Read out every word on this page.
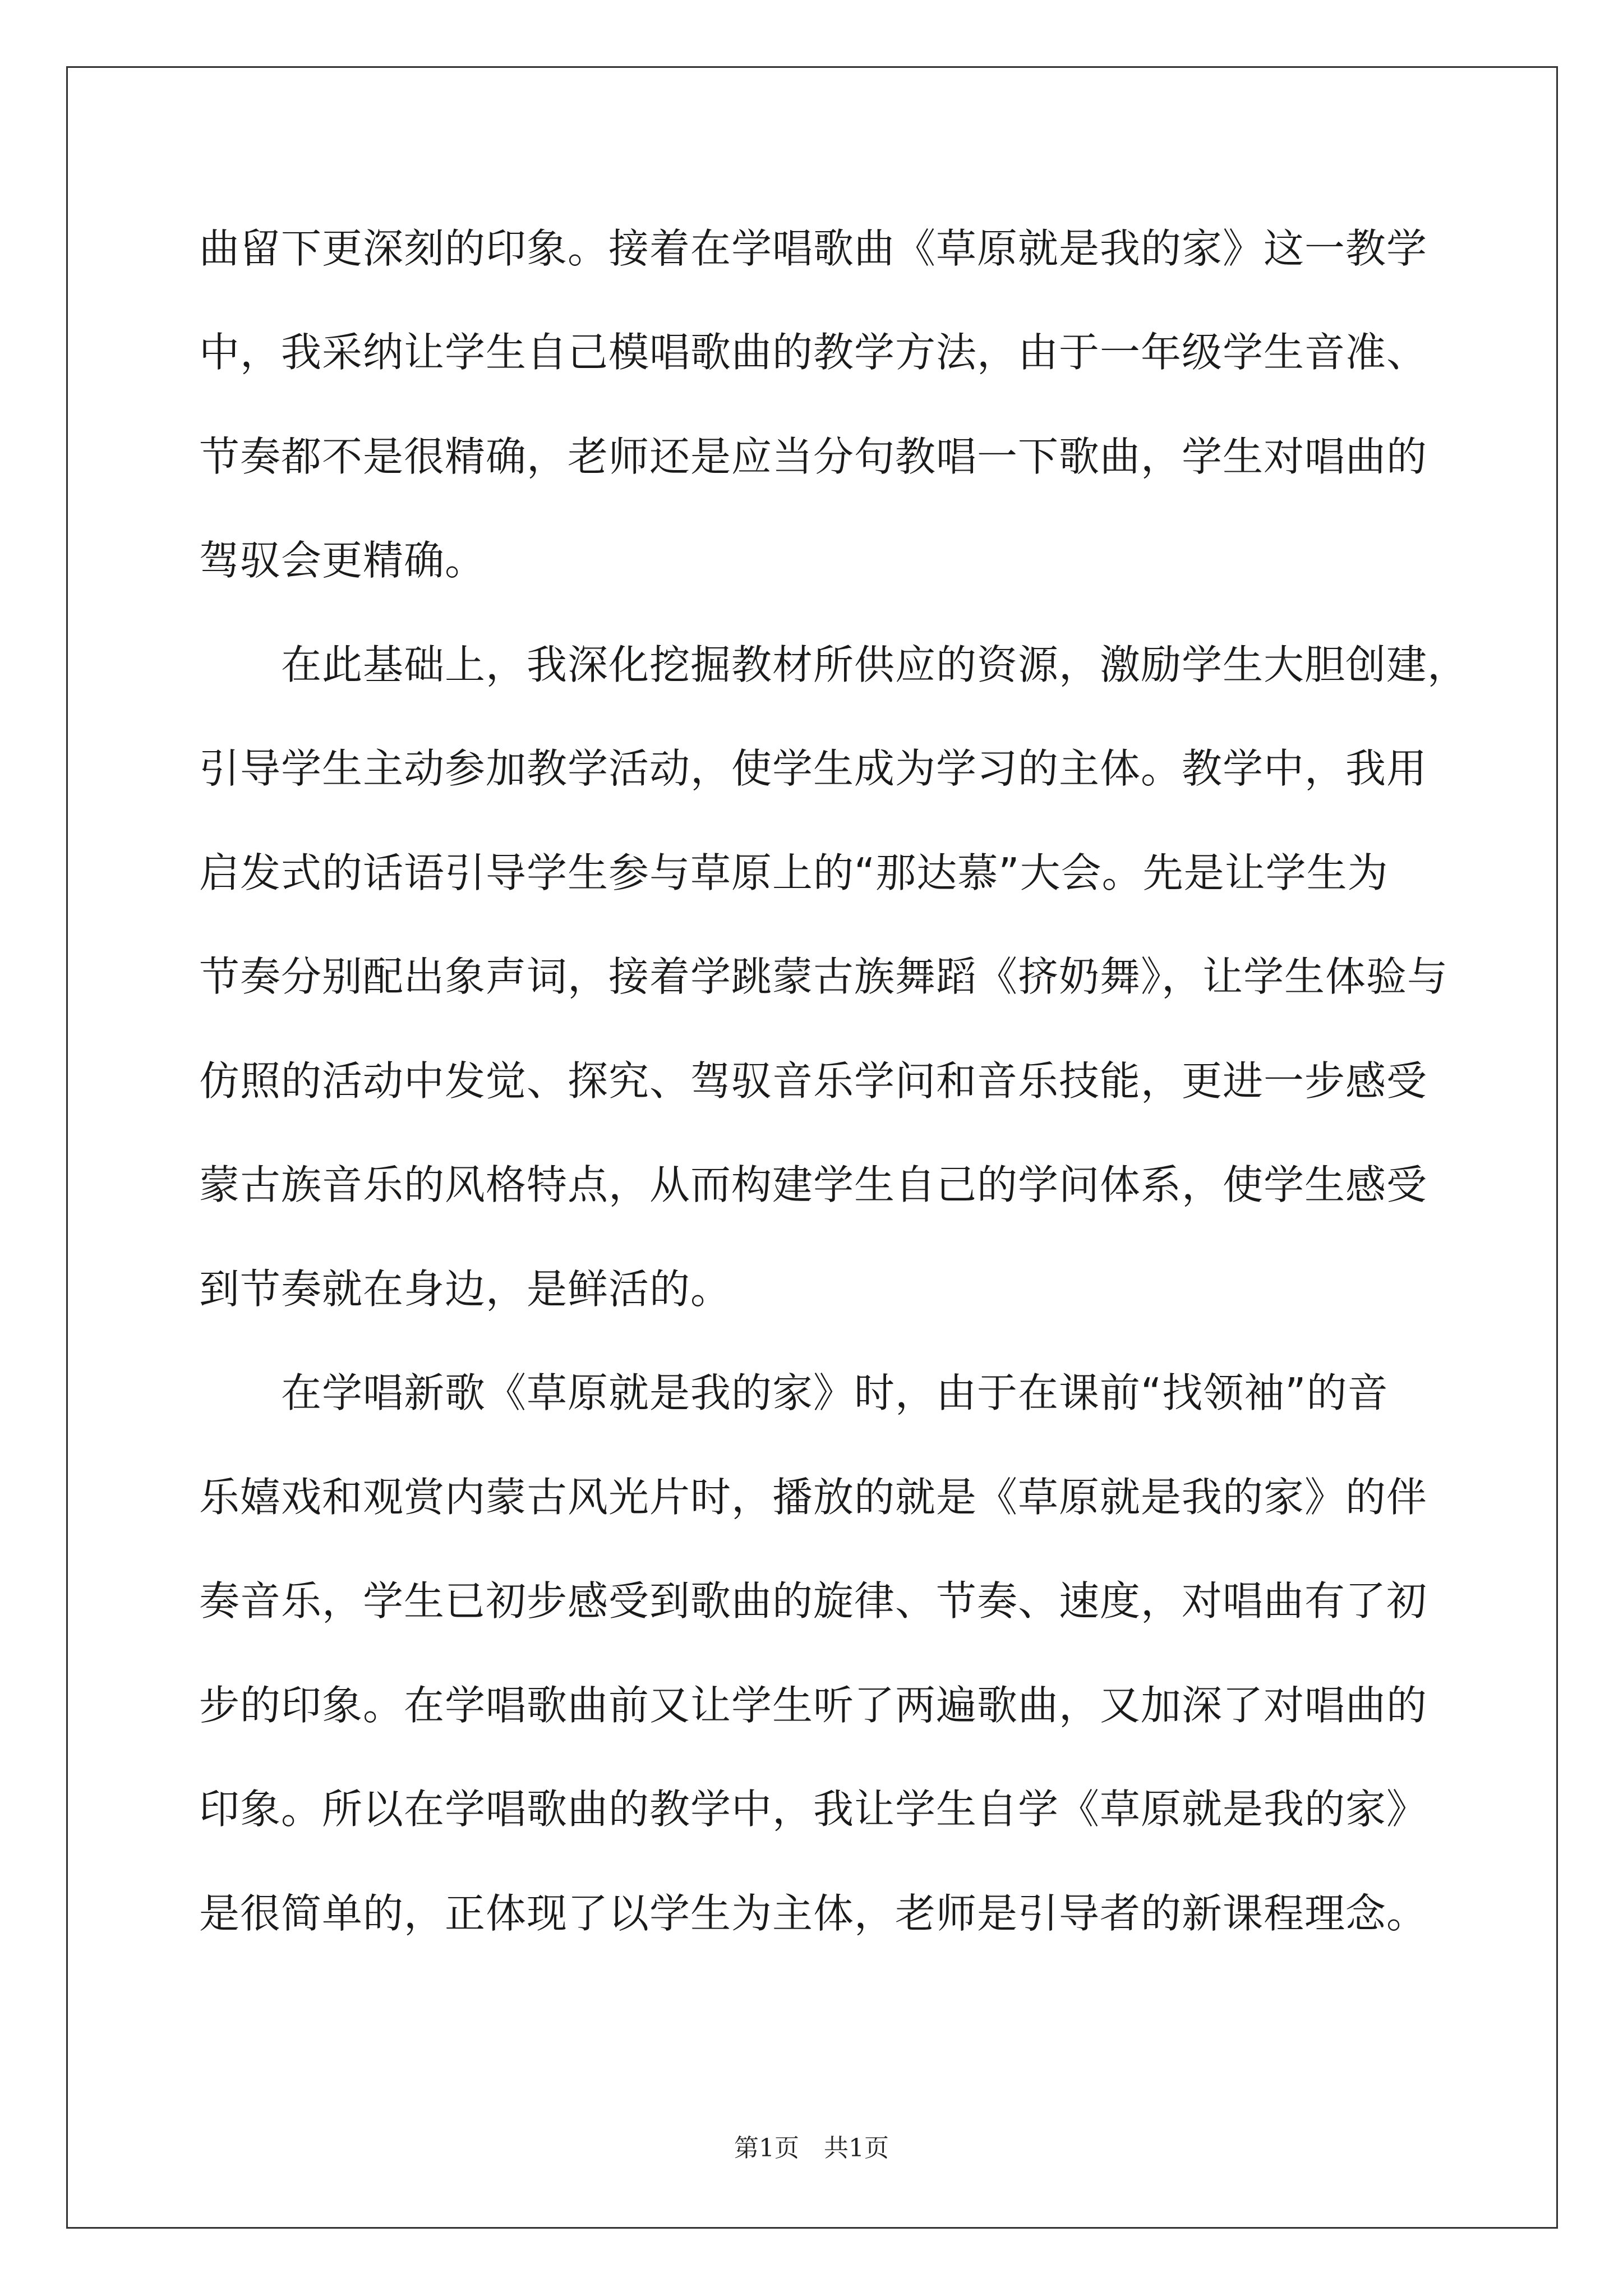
曲留下更深刻的印象。接着在学唱歌曲《草原就是我的家》这一教学
中，我采纳让学生自己模唱歌曲的教学方法，由于一年级学生音准、
节奏都不是很精确，老师还是应当分句教唱一下歌曲，学生对唱曲的
驾驭会更精确。
　　在此基础上，我深化挖掘教材所供应的资源，激励学生大胆创建，
引导学生主动参加教学活动，使学生成为学习的主体。教学中，我用
启发式的话语引导学生参与草原上的“那达慕”大会。先是让学生为
节奏分别配出象声词，接着学跳蒙古族舞蹈《挤奶舞》，让学生体验与
仿照的活动中发觉、探究、驾驭音乐学问和音乐技能，更进一步感受
蒙古族音乐的风格特点，从而构建学生自己的学问体系，使学生感受
到节奏就在身边，是鲜活的。
　　在学唱新歌《草原就是我的家》时，由于在课前“找领袖”的音
乐嬉戏和观赏内蒙古风光片时，播放的就是《草原就是我的家》的伴
奏音乐，学生已初步感受到歌曲的旋律、节奏、速度，对唱曲有了初
步的印象。在学唱歌曲前又让学生听了两遍歌曲，又加深了对唱曲的
印象。所以在学唱歌曲的教学中，我让学生自学《草原就是我的家》
是很简单的，正体现了以学生为主体，老师是引导者的新课程理念。
第1页　共1页
